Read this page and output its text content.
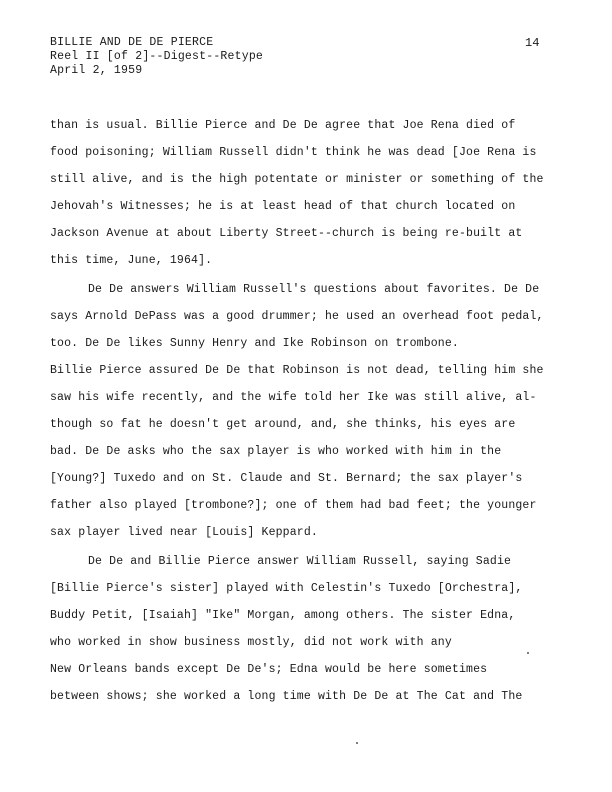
BILLIE AND DE DE PIERCE
Reel II [of 2]--Digest--Retype
April 2, 1959
14
than is usual. Billie Pierce and De De agree that Joe Rena died of
food poisoning; William Russell didn't think he was dead [Joe Rena is
still alive, and is the high potentate or minister or something of the
Jehovah's Witnesses; he is at least head of that church located on
Jackson Avenue at about Liberty Street--church is being re-built at
this time, June, 1964].
De De answers William Russell's questions about favorites. De De
says Arnold DePass was a good drummer; he used an overhead foot pedal,
too. De De likes Sunny Henry and Ike Robinson on trombone.
Billie Pierce assured De De that Robinson is not dead, telling him she
saw his wife recently, and the wife told her Ike was still alive, al-
though so fat he doesn't get around, and, she thinks, his eyes are
bad. De De asks who the sax player is who worked with him in the
[Young?] Tuxedo and on St. Claude and St. Bernard; the sax player's
father also played [trombone?]; one of them had bad feet; the younger
sax player lived near [Louis] Keppard.
De De and Billie Pierce answer William Russell, saying Sadie
[Billie Pierce's sister] played with Celestin's Tuxedo [Orchestra],
Buddy Petit, [Isaiah] "Ike" Morgan, among others. The sister Edna,
who worked in show business mostly, did not work with any
New Orleans bands except De De's; Edna would be here sometimes
between shows; she worked a long time with De De at The Cat and The
